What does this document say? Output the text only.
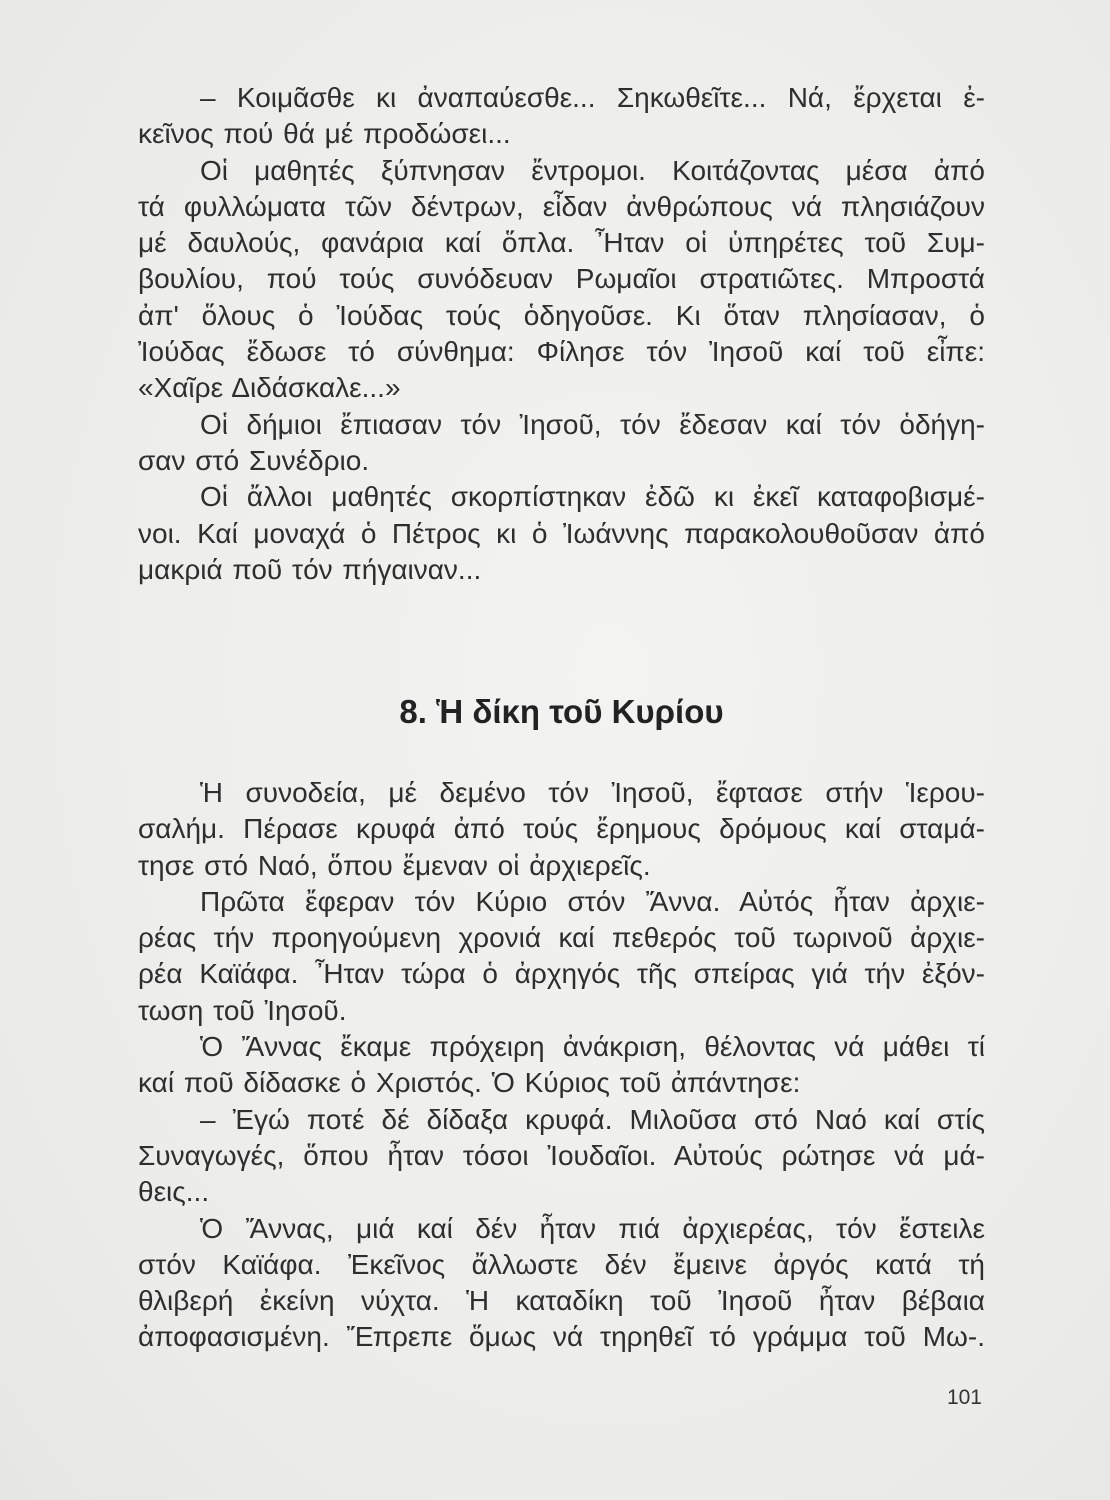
– Κοιμᾶσθε κι ἀναπαύεσθε... Σηκωθεῖτε... Νά, ἔρχεται ἐ-
κεῖνος πού θά μέ προδώσει...
Οἱ μαθητές ξύπνησαν ἔντρομοι. Κοιτάζοντας μέσα ἀπό
τά φυλλώματα τῶν δέντρων, εἶδαν ἀνθρώπους νά πλησιάζουν
μέ δαυλούς, φανάρια καί ὅπλα. Ἦταν οἱ ὑπηρέτες τοῦ Συμ-
βουλίου, πού τούς συνόδευαν Ρωμαῖοι στρατιῶτες. Μπροστά
ἀπ' ὅλους ὁ Ἰούδας τούς ὁδηγοῦσε. Κι ὅταν πλησίασαν, ὁ
Ἰούδας ἔδωσε τό σύνθημα: Φίλησε τόν Ἰησοῦ καί τοῦ εἶπε:
«Χαῖρε Διδάσκαλε...»
Οἱ δήμιοι ἔπιασαν τόν Ἰησοῦ, τόν ἔδεσαν καί τόν ὁδήγη-
σαν στό Συνέδριο.
Οἱ ἄλλοι μαθητές σκορπίστηκαν ἐδῶ κι ἐκεῖ καταφοβισμέ-
νοι. Καί μοναχά ὁ Πέτρος κι ὁ Ἰωάννης παρακολουθοῦσαν ἀπό
μακριά ποῦ τόν πήγαιναν...
8. Ἡ δίκη τοῦ Κυρίου
Ἡ συνοδεία, μέ δεμένο τόν Ἰησοῦ, ἔφτασε στήν Ἱερου-
σαλήμ. Πέρασε κρυφά ἀπό τούς ἔρημους δρόμους καί σταμά-
τησε στό Ναό, ὅπου ἔμεναν οἱ ἀρχιερεῖς.
Πρῶτα ἔφεραν τόν Κύριο στόν Ἄννα. Αὐτός ἦταν ἀρχιε-
ρέας τήν προηγούμενη χρονιά καί πεθερός τοῦ τωρινοῦ ἀρχιε-
ρέα Καϊάφα. Ἦταν τώρα ὁ ἀρχηγός τῆς σπείρας γιά τήν ἐξόν-
τωση τοῦ Ἰησοῦ.
Ὁ Ἄννας ἔκαμε πρόχειρη ἀνάκριση, θέλοντας νά μάθει τί
καί ποῦ δίδασκε ὁ Χριστός. Ὁ Κύριος τοῦ ἀπάντησε:
– Ἐγώ ποτέ δέ δίδαξα κρυφά. Μιλοῦσα στό Ναό καί στίς
Συναγωγές, ὅπου ἦταν τόσοι Ἰουδαῖοι. Αὐτούς ρώτησε νά μά-
θεις...
Ὁ Ἄννας, μιά καί δέν ἦταν πιά ἀρχιερέας, τόν ἔστειλε
στόν Καϊάφα. Ἐκεῖνος ἄλλωστε δέν ἔμεινε ἀργός κατά τή
θλιβερή ἐκείνη νύχτα. Ἡ καταδίκη τοῦ Ἰησοῦ ἦταν βέβαια
ἀποφασισμένη. Ἔπρεπε ὅμως νά τηρηθεῖ τό γράμμα τοῦ Μω-.
101
